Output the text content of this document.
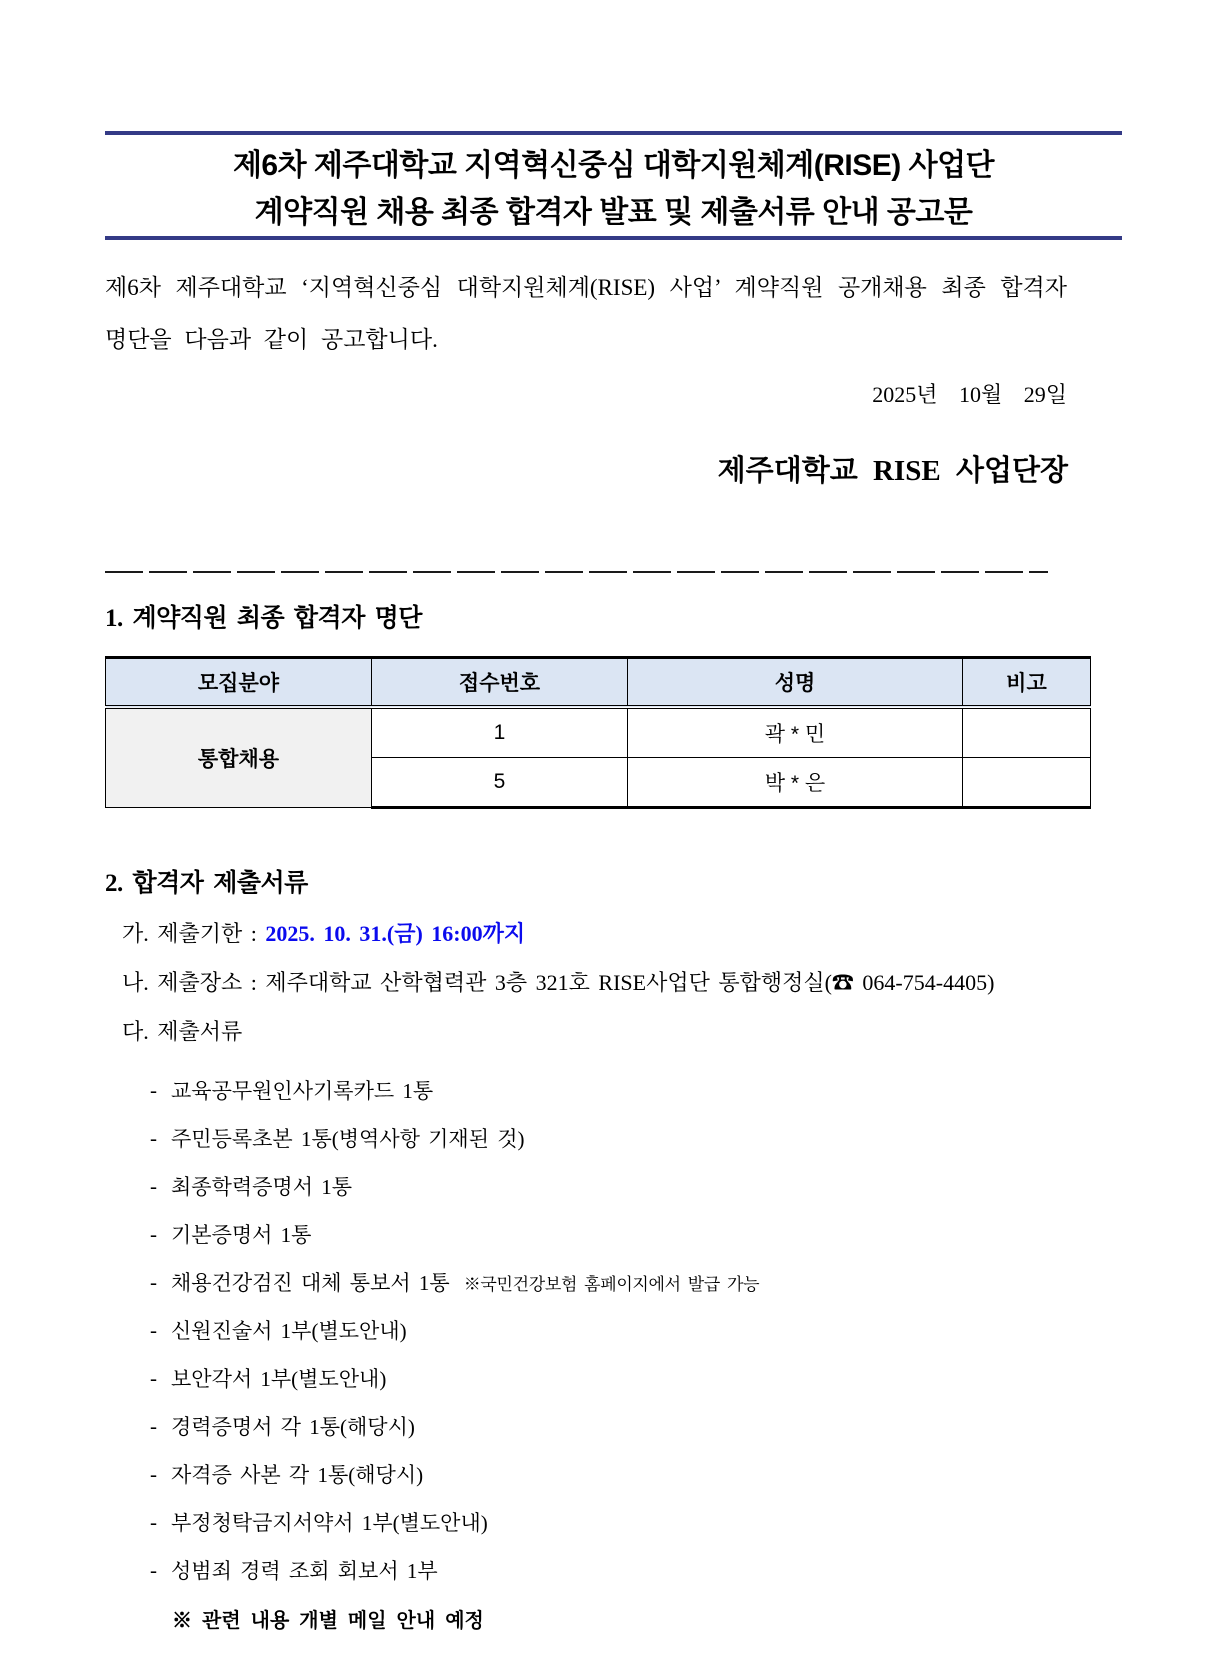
제6차 제주대학교 지역혁신중심 대학지원체계(RISE) 사업단
계약직원 채용 최종 합격자 발표 및 제출서류 안내 공고문
제6차 제주대학교 ‘지역혁신중심 대학지원체계(RISE) 사업’ 계약직원 공개채용 최종 합격자 명단을 다음과 같이 공고합니다.
2025년 10월 29일
제주대학교 RISE 사업단장
1. 계약직원 최종 합격자 명단
모집분야	접수번호	성명	비고
통합채용	1	곽 * 민	
	5	박 * 은	
2. 합격자 제출서류
가. 제출기한 : 2025. 10. 31.(금) 16:00까지
나. 제출장소 : 제주대학교 산학협력관 3층 321호 RISE사업단 통합행정실(☎ 064-754-4405)
다. 제출서류
- 교육공무원인사기록카드 1통
- 주민등록초본 1통(병역사항 기재된 것)
- 최종학력증명서 1통
- 기본증명서 1통
- 채용건강검진 대체 통보서 1통 ※국민건강보험 홈페이지에서 발급 가능
- 신원진술서 1부(별도안내)
- 보안각서 1부(별도안내)
- 경력증명서 각 1통(해당시)
- 자격증 사본 각 1통(해당시)
- 부정청탁금지서약서 1부(별도안내)
- 성범죄 경력 조회 회보서 1부
※ 관련 내용 개별 메일 안내 예정
